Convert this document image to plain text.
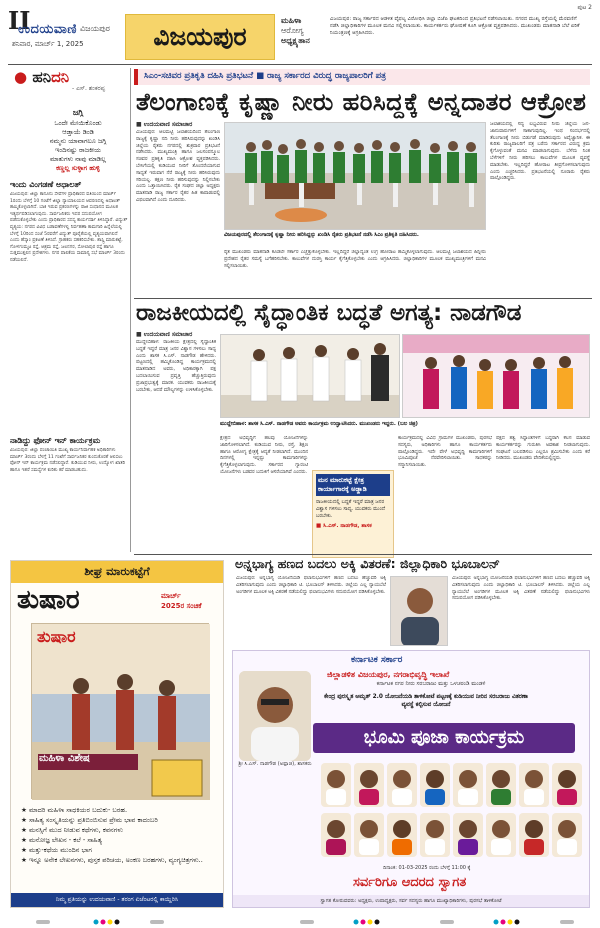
II
ಉದಯವಾಣಿ ವಿಜಯಪುರ
ಶನಿವಾರ, ಮಾರ್ಚ್ 1, 2025	ವಿಜಯಪುರ
ಮಹಿಳಾ
ಆರೋಗ್ಯ
ಅಧ್ಯಕ್ಷ್ಯತಾನ
ವಿಜಯಪುರ: ರಾಜ್ಯ ಸರ್ಕಾರದ ಆಡಳಿತ ವೈಫಲ್ಯ ವಿರೋಧಿಸಿ ಜಿಲ್ಲಾ ಬಿಜೆಪಿ ಘಟಕದಿಂದ ಪ್ರತಿಭಟನೆ ನಡೆಸಲಾಯಿತು. ನಗರದ ಮುಖ್ಯ ರಸ್ತೆಯಲ್ಲಿ ಮೆರವಣಿಗೆ ನಡೆಸಿ ಜಿಲ್ಲಾಧಿಕಾರಿಗಳ ಮೂಲಕ ಮನವಿ ಸಲ್ಲಿಸಲಾಯಿತು. ಕಾರ್ಯಕರ್ತರು ಘೋಷಣೆ ಕೂಗಿ ಆಕ್ರೋಶ ವ್ಯಕ್ತಪಡಿಸಿದರು. ಮುಖಂಡರು ಮಾತನಾಡಿ ಬೆಲೆ ಏರಿಕೆ ನಿಯಂತ್ರಣಕ್ಕೆ ಆಗ್ರಹಿಸಿದರು.
ಪುಟ 2
● ಹನಿದನಿ
- ಎಸ್. ಶಂಕರಪ್ಪ
ಜಗ್ಗಿ
ಒಂದೇ ಮೇಯಿಕೊಂಡು
ಆಡ್ತಾಯೆ ಡಿಂಡಿ
ನಮ್ಮನು ಯಾವಾಗಲೂ ಜಗ್ಗಿ
ಇಂದಿನಷ್ಟು ರಾಜಕೀಯ
ಮಾತುಗಳು ನಾವು ಮಾಡಿಲ್ಲ
ಕಣ್ಣಲ್ಲ ಸುಳ್ಳಾಗ ಹುಳ್ಳಿ
ಇಂದು ವಿಂಗಡಣೆ ಅಧಾಲತ್
ವಿಜಯಪುರ: ಜಿಲ್ಲಾ ಕಾನೂನು ಸೇವೆಗಳ ಪ್ರಾಧಿಕಾರದ ವತಿಯಿಂದ ಮಾರ್ಚ್ 1ರಂದು ಬೆಳಗ್ಗೆ 10 ಗಂಟೆಗೆ ಜಿಲ್ಲಾ ನ್ಯಾಯಾಲಯದ ಆವರಣದಲ್ಲಿ ಅಧಾಲತ್ ಹಮ್ಮಿಕೊಳ್ಳಲಾಗಿದೆ. ಬಾಕಿ ಇರುವ ಪ್ರಕರಣಗಳನ್ನು ರಾಜಿ ಸಂಧಾನದ ಮೂಲಕ ಇತ್ಯರ್ಥಪಡಿಸಲಾಗುವುದು. ಸಾರ್ವಜನಿಕರು ಇದರ ಸದುಪಯೋಗ ಪಡೆದುಕೊಳ್ಳಬೇಕು ಎಂದು ಪ್ರಾಧಿಕಾರದ ಸದಸ್ಯ ಕಾರ್ಯದರ್ಶಿ ತಿಳಿಸಿದ್ದಾರೆ. ವಿದ್ಯುತ್ ವ್ಯತ್ಯಯ: ನಗರದ ವಿವಿಧ ಬಡಾವಣೆಗಳಲ್ಲಿ ನಿರ್ವಹಣಾ ಕಾಮಗಾರಿ ಹಿನ್ನೆಲೆಯಲ್ಲಿ ಬೆಳಗ್ಗೆ 10ರಿಂದ ಸಂಜೆ 5ರವರೆಗೆ ವಿದ್ಯುತ್ ಪೂರೈಕೆಯಲ್ಲಿ ವ್ಯತ್ಯಯವಾಗಲಿದೆ ಎಂದು ಹೆಸ್ಕಾಂ ಪ್ರಕಟಣೆ ತಿಳಿಸಿದೆ. ಗ್ರಾಹಕರು ಸಹಕರಿಸಬೇಕು. ಶಾಸ್ತ್ರಿ ಮಾರುಕಟ್ಟೆ, ಗೋಳಗುಮ್ಮಟ ರಸ್ತೆ, ಆಶ್ರಮ ರಸ್ತೆ, ಜಲನಗರ, ಸೋಲಾಪುರ ರಸ್ತೆ ಹಾಗೂ ಸುತ್ತಮುತ್ತಲಿನ ಪ್ರದೇಶಗಳು. ನಗರ ಪಾಲಿಕೆಯ ಸಾಮಾನ್ಯ ಸಭೆ ಮಾರ್ಚ್ 3ರಂದು ನಡೆಯಲಿದೆ.
ನಾಡಿದ್ದು ಫೋನ್ ಇನ್ ಕಾರ್ಯಕ್ರಮ
ವಿಜಯಪುರ: ಜಿಲ್ಲಾ ಪಂಚಾಯಿತಿ ಮುಖ್ಯ ಕಾರ್ಯನಿರ್ವಾಹಕ ಅಧಿಕಾರಿಗಳು ಮಾರ್ಚ್ 3ರಂದು ಬೆಳಗ್ಗೆ 11 ಗಂಟೆಗೆ ಸಾರ್ವಜನಿಕರ ಕುಂದುಕೊರತೆ ಆಲಿಸಲು ಫೋನ್ ಇನ್ ಕಾರ್ಯಕ್ರಮ ನಡೆಸಲಿದ್ದಾರೆ. ಕುಡಿಯುವ ನೀರು, ಉದ್ಯೋಗ ಖಾತರಿ ಹಾಗೂ ಇತರೆ ಸಮಸ್ಯೆಗಳ ಕುರಿತು ಕರೆ ಮಾಡಬಹುದು.
ಸಿಎಂ-ಸಚಿವರ ಪ್ರತಿಕೃತಿ ದಹಿಸಿ ಪ್ರತಿಭಟನೆ ■ ರಾಜ್ಯ ಸರ್ಕಾರದ ವಿರುದ್ಧ ರಾಜ್ಯಪಾಲರಿಗೆ ಪತ್ರ
ತೆಲಂಗಾಣಕ್ಕೆ ಕೃಷ್ಣಾ ನೀರು ಹರಿಸಿದ್ದಕ್ಕೆ ಅನ್ನದಾತರ ಆಕ್ರೋಶ
■ ಉದಯವಾಣಿ ಸಮಾಚಾರ
ವಿಜಯಪುರ: ಆಲಮಟ್ಟಿ ಜಲಾಶಯದಿಂದ ತೆಲಂಗಾಣ ರಾಜ್ಯಕ್ಕೆ ಕೃಷ್ಣಾ ನದಿ ನೀರು ಹರಿಸಿರುವುದನ್ನು ಖಂಡಿಸಿ ಜಿಲ್ಲೆಯ ರೈತರು ನಗರದಲ್ಲಿ ಶುಕ್ರವಾರ ಪ್ರತಿಭಟನೆ ನಡೆಸಿದರು. ಮುಖ್ಯಮಂತ್ರಿ ಹಾಗೂ ಜಲಸಂಪನ್ಮೂಲ ಸಚಿವರ ಪ್ರತಿಕೃತಿ ದಹಿಸಿ ಆಕ್ರೋಶ ವ್ಯಕ್ತಪಡಿಸಿದರು. ಬೇಸಿಗೆಯಲ್ಲಿ ಕುಡಿಯುವ ನೀರಿಗೆ ತೊಂದರೆಯಾಗುವ ಸಾಧ್ಯತೆ ಇರುವಾಗ ನೆರೆ ರಾಜ್ಯಕ್ಕೆ ನೀರು ಹರಿಸಿರುವುದು ಸರಿಯಲ್ಲ. ತಕ್ಷಣ ನೀರು ಹರಿಸುವುದನ್ನು ನಿಲ್ಲಿಸಬೇಕು ಎಂದು ಒತ್ತಾಯಿಸಿದರು. ರೈತ ಸಂಘದ ಜಿಲ್ಲಾ ಅಧ್ಯಕ್ಷರು ಮಾತನಾಡಿ ರಾಜ್ಯ ಸರ್ಕಾರ ರೈತರ ಹಿತ ಕಾಪಾಡುವಲ್ಲಿ ವಿಫಲವಾಗಿದೆ ಎಂದು ದೂರಿದರು.
ವಿಜಯಪುರದಲ್ಲಿ ತೆಲಂಗಾಣಕ್ಕೆ ಕೃಷ್ಣಾ ನೀರು ಹರಿಸಿದ್ದನ್ನು ಖಂಡಿಸಿ ರೈತರು ಪ್ರತಿಭಟನೆ ನಡೆಸಿ ಸಿಎಂ ಪ್ರತಿಕೃತಿ ದಹಿಸಿದರು.
ರೈತ ಮುಖಂಡರು ಮಾತನಾಡಿ ಕೂಡಲೇ ಸರ್ಕಾರ ಎಚ್ಚೆತ್ತುಕೊಳ್ಳಬೇಕು. ಇಲ್ಲದಿದ್ದರೆ ಜಿಲ್ಲಾದ್ಯಂತ ಉಗ್ರ ಹೋರಾಟ ಹಮ್ಮಿಕೊಳ್ಳಲಾಗುವುದು. ಆಲಮಟ್ಟಿ ಜಲಾಶಯದ ಹಿನ್ನೀರು ಪ್ರದೇಶದ ರೈತರ ಸಮಸ್ಯೆ ಬಗೆಹರಿಸಬೇಕು. ಕಾಲುವೆಗಳ ದುರಸ್ತಿ ಕಾರ್ಯ ಕೈಗೆತ್ತಿಕೊಳ್ಳಬೇಕು ಎಂದು ಆಗ್ರಹಿಸಿದರು. ಜಿಲ್ಲಾಧಿಕಾರಿಗಳ ಮೂಲಕ ಮುಖ್ಯಮಂತ್ರಿಗಳಿಗೆ ಮನವಿ ಸಲ್ಲಿಸಲಾಯಿತು.
ಜಲಾಶಯದಲ್ಲಿ ಸದ್ಯ ಲಭ್ಯವಿರುವ ನೀರು ಜಿಲ್ಲೆಯ ಜನ-ಜಾನುವಾರುಗಳಿಗೆ ಸಾಕಾಗುವುದಿಲ್ಲ. ಇಂಥ ಸಂದರ್ಭದಲ್ಲಿ ತೆಲಂಗಾಣಕ್ಕೆ ನೀರು ಬಿಡುಗಡೆ ಮಾಡಿರುವುದು ಅವೈಜ್ಞಾನಿಕ. ಈ ಕುರಿತು ರಾಜ್ಯಪಾಲರಿಗೆ ಪತ್ರ ಬರೆದು ಸರ್ಕಾರದ ವಿರುದ್ಧ ಕ್ರಮ ಕೈಗೊಳ್ಳುವಂತೆ ಮನವಿ ಮಾಡಲಾಗುವುದು. ಬೆಳೆದು ನಿಂತ ಬೆಳೆಗಳಿಗೆ ನೀರು ಹರಿಸಲು ಕಾಲುವೆಗಳ ಮೂಲಕ ವ್ಯವಸ್ಥೆ ಮಾಡಬೇಕು. ಇಲ್ಲದಿದ್ದರೆ ಹೋರಾಟ ತೀವ್ರಗೊಳಿಸಲಾಗುವುದು ಎಂದು ಎಚ್ಚರಿಸಿದರು. ಪ್ರತಿಭಟನೆಯಲ್ಲಿ ನೂರಾರು ರೈತರು ಪಾಲ್ಗೊಂಡಿದ್ದರು.
ರಾಜಕೀಯದಲ್ಲಿ ಸೈದ್ಧಾಂತಿಕ ಬದ್ಧತೆ ಅಗತ್ಯ: ನಾಡಗೌಡ
■ ಉದಯವಾಣಿ ಸಮಾಚಾರ
ಮುದ್ದೇಬಿಹಾಳ: ರಾಜಕೀಯ ಕ್ಷೇತ್ರದಲ್ಲಿ ಸೈದ್ಧಾಂತಿಕ ಬದ್ಧತೆ ಇದ್ದರೆ ಮಾತ್ರ ಜನರ ವಿಶ್ವಾಸ ಗಳಿಸಲು ಸಾಧ್ಯ ಎಂದು ಶಾಸಕ ಸಿ.ಎಸ್. ನಾಡಗೌಡ ಹೇಳಿದರು. ಪಟ್ಟಣದಲ್ಲಿ ಹಮ್ಮಿಕೊಂಡಿದ್ದ ಕಾರ್ಯಕ್ರಮದಲ್ಲಿ ಮಾತನಾಡಿದ ಅವರು, ಅಧಿಕಾರಕ್ಕಾಗಿ ಪಕ್ಷ ಬದಲಾಯಿಸುವ ಪ್ರವೃತ್ತಿ ಹೆಚ್ಚುತ್ತಿರುವುದು ಪ್ರಜಾಪ್ರಭುತ್ವಕ್ಕೆ ಮಾರಕ. ಯುವಕರು ರಾಜಕೀಯಕ್ಕೆ ಬರಬೇಕು, ಆದರೆ ಮೌಲ್ಯಗಳನ್ನು ಉಳಿಸಿಕೊಳ್ಳಬೇಕು.
ಮುದ್ದೇಬಿಹಾಳ: ಶಾಸಕ ಸಿ.ಎಸ್. ನಾಡಗೌಡ ಅವರು ಕಾರ್ಯಕ್ರಮ ಉದ್ಘಾಟಿಸಿದರು. ಮುಖಂಡರು ಇದ್ದರು. (ಬಲ ಚಿತ್ರ)
ಕ್ಷೇತ್ರದ ಅಭಿವೃದ್ಧಿಗೆ ಹಲವು ಯೋಜನೆಗಳನ್ನು ಜಾರಿಗೊಳಿಸಲಾಗಿದೆ. ಕುಡಿಯುವ ನೀರು, ರಸ್ತೆ, ಶಿಕ್ಷಣ ಹಾಗೂ ಆರೋಗ್ಯ ಕ್ಷೇತ್ರಕ್ಕೆ ಆದ್ಯತೆ ನೀಡಲಾಗಿದೆ. ಮುಂದಿನ ದಿನಗಳಲ್ಲಿ ಇನ್ನಷ್ಟು ಕಾಮಗಾರಿಗಳನ್ನು ಕೈಗೆತ್ತಿಕೊಳ್ಳಲಾಗುವುದು. ಸರ್ಕಾರದ ಗ್ಯಾರಂಟಿ ಯೋಜನೆಗಳು ಬಡವರ ಬದುಕಿಗೆ ಆಸರೆಯಾಗಿವೆ ಎಂದರು.
ಮನ ಮಾರುಕಟ್ಟೆ ಕ್ಷೇತ್ರ ಕಾರ್ಯಾಗಾರಕ್ಕೆ ಅಡ್ಡಾಡಿ
ರಾಜಕೀಯದಲ್ಲಿ ಬದ್ಧತೆ ಇದ್ದರೆ ಮಾತ್ರ ಜನರ ವಿಶ್ವಾಸ ಗಳಿಸಲು ಸಾಧ್ಯ. ಯುವಕರು ಮುಂದೆ ಬರಬೇಕು.
■ ಸಿ.ಎಸ್. ನಾಡಗೌಡ, ಶಾಸಕ
ಕಾರ್ಯಕ್ರಮದಲ್ಲಿ ವಿವಿಧ ಗ್ರಾಮಗಳ ಮುಖಂಡರು, ಪುರಸಭೆ ಸದಸ್ಯರು, ಅಧಿಕಾರಿಗಳು ಹಾಗೂ ಕಾರ್ಯಕರ್ತರು ಪಾಲ್ಗೊಂಡಿದ್ದರು. ಇದೇ ವೇಳೆ ಅಭಿವೃದ್ಧಿ ಕಾಮಗಾರಿಗಳಿಗೆ ಭೂಮಿಪೂಜೆ ನೆರವೇರಿಸಲಾಯಿತು. ಸಾಧಕರನ್ನು ಸನ್ಮಾನಿಸಲಾಯಿತು.
ಪಕ್ಷದ ತತ್ವ ಸಿದ್ಧಾಂತಗಳಿಗೆ ಬದ್ಧರಾಗಿ ಕೆಲಸ ಮಾಡುವ ಕಾರ್ಯಕರ್ತರನ್ನು ಗುರುತಿಸಿ ಅವಕಾಶ ನೀಡಲಾಗುವುದು. ಸಂಘಟನೆ ಬಲಪಡಿಸಲು ಎಲ್ಲರೂ ಶ್ರಮಿಸಬೇಕು ಎಂದು ಕರೆ ನೀಡಿದರು. ಮುಖಂಡರು ವೇದಿಕೆಯಲ್ಲಿದ್ದರು.
ಅನ್ನಭಾಗ್ಯ ಹಣದ ಬದಲು ಅಕ್ಕಿ ವಿತರಣೆ: ಜಿಲ್ಲಾಧಿಕಾರಿ ಭೂಬಾಲನ್
ವಿಜಯಪುರ: ಅನ್ನಭಾಗ್ಯ ಯೋಜನೆಯಡಿ ಫಲಾನುಭವಿಗಳಿಗೆ ಹಣದ ಬದಲು ಹೆಚ್ಚುವರಿ ಅಕ್ಕಿ ವಿತರಿಸಲಾಗುವುದು ಎಂದು ಜಿಲ್ಲಾಧಿಕಾರಿ ಟಿ. ಭೂಬಾಲನ್ ತಿಳಿಸಿದರು. ಜಿಲ್ಲೆಯ ಎಲ್ಲ ನ್ಯಾಯಬೆಲೆ ಅಂಗಡಿಗಳ ಮೂಲಕ ಅಕ್ಕಿ ವಿತರಣೆ ನಡೆಯಲಿದ್ದು ಫಲಾನುಭವಿಗಳು ಸದುಪಯೋಗ ಪಡಿಸಿಕೊಳ್ಳಬೇಕು.
ವಿಜಯಪುರ: ಅನ್ನಭಾಗ್ಯ ಯೋಜನೆಯಡಿ ಫಲಾನುಭವಿಗಳಿಗೆ ಹಣದ ಬದಲು ಹೆಚ್ಚುವರಿ ಅಕ್ಕಿ ವಿತರಿಸಲಾಗುವುದು ಎಂದು ಜಿಲ್ಲಾಧಿಕಾರಿ ಟಿ. ಭೂಬಾಲನ್ ತಿಳಿಸಿದರು. ಜಿಲ್ಲೆಯ ಎಲ್ಲ ನ್ಯಾಯಬೆಲೆ ಅಂಗಡಿಗಳ ಮೂಲಕ ಅಕ್ಕಿ ವಿತರಣೆ ನಡೆಯಲಿದ್ದು ಫಲಾನುಭವಿಗಳು ಸದುಪಯೋಗ ಪಡಿಸಿಕೊಳ್ಳಬೇಕು.
ಶೀಘ್ರ ಮಾರುಕಟ್ಟೆಗೆ
ತುಷಾರ	ಮಾರ್ಚ್
2025ರ ಸಂಚಿಕೆ
ತುಷಾರ
ಮಹಿಳಾ ವಿಶೇಷ
★ ಮಾದರಿ ಮಹಿಳಾ ಸಾಧಕಿಯರ ಬದುಕು- ಬರಹ.
★ ಸಾಹಿತ್ಯ ಸಂಸ್ಕೃತಿಯನ್ನು ಪ್ರತಿಬಿಂಬಿಸುವ ಪ್ರೇಮ ಭಾವ ಕಾದಂಬರಿ
★ ಮನಸ್ಸಿಗೆ ಮುದ ನೀಡುವ ಕಥೆಗಳು, ಕವನಗಳು
★ ಮನೋಜ್ಞ ಲೇಖನ - ಕಲೆ - ಸಾಹಿತ್ಯ
★ ಮತ್ತು-ಕಥೆಯ ಮುಂದಿನ ಭಾಗ
★ ಇನ್ನೂ ಅನೇಕ ಲೇಖನಗಳು, ಪುಸ್ತಕ ಪರಿಚಯ, ಅಂಕಣ ಬರಹಗಳು, ವ್ಯಂಗ್ಯಚಿತ್ರಗಳು..
ನಿಮ್ಮ ಪ್ರತಿಯನ್ನು ಉದಯವಾಣಿ - ತರಂಗ ಏಜೆಂಟರಲ್ಲಿ ಕಾಯ್ದಿರಿಸಿ
ಕರ್ನಾಟಕ ಸರ್ಕಾರ
ಜಿಲ್ಲಾಡಳಿತ ವಿಜಯಪುರ, ನಗರಾಭಿವೃದ್ಧಿ ಇಲಾಖೆ
ಕರ್ನಾಟಕ ನಗರ ನೀರು ಸರಬರಾಜು ಮತ್ತು ಒಳಚರಂಡಿ ಮಂಡಳಿ
ಕೇಂದ್ರ ಪುರಸ್ಕೃತ ಅಮೃತ್ 2.0 ಯೋಜನೆಯಡಿ ತಾಳಿಕೋಟೆ ಪಟ್ಟಣಕ್ಕೆ ಕುಡಿಯುವ ನೀರಿನ ಸರಬರಾಜು ವಿತರಣಾ ವ್ಯವಸ್ಥೆ ಕಲ್ಪಿಸುವ ಯೋಜನೆ
ಭೂಮಿ ಪೂಜಾ ಕಾರ್ಯಕ್ರಮ
ಶ್ರೀ ಸಿ.ಎಸ್. ನಾಡಗೌಡ (ಅಪ್ಪಾಜಿ), ಶಾಸಕರು
ದಿನಾಂಕ: 01-03-2025 ರಂದು ಬೆಳಗ್ಗೆ 11:00 ಕ್ಕೆ
ಸರ್ವರಿಗೂ ಆದರದ ಸ್ವಾಗತ
ಸ್ವಾಗತ ಕೋರುವವರು: ಅಧ್ಯಕ್ಷರು, ಉಪಾಧ್ಯಕ್ಷರು, ಸರ್ವ ಸದಸ್ಯರು ಹಾಗೂ ಮುಖ್ಯಾಧಿಕಾರಿಗಳು, ಪುರಸಭೆ ತಾಳಿಕೋಟೆ
